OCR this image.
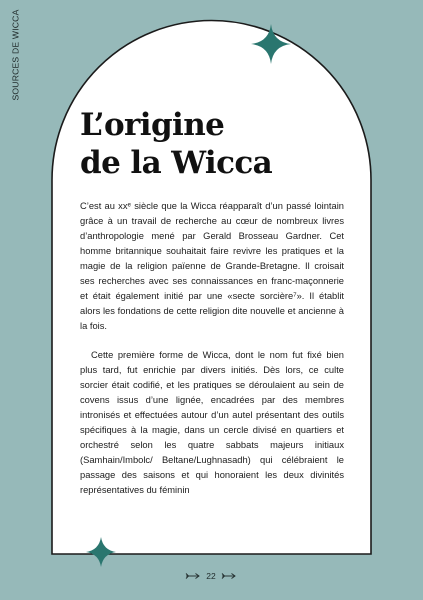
SOURCES DE WICCA
L’origine
de la Wicca

C’est au xxᵉ siècle que la Wicca réapparaît d’un passé lointain grâce à un travail de recherche au cœur de nombreux livres d’anthropologie mené par Gerald Brosseau Gardner. Cet homme britannique souhaitait faire revivre les pratiques et la magie de la religion païenne de Grande-Bretagne. Il croisait ses recherches avec ses connaissances en franc-maçonnerie et était également initié par une «secte sorcière⁷». Il établit alors les fondations de cette religion dite nouvelle et ancienne à la fois.

Cette première forme de Wicca, dont le nom fut fixé bien plus tard, fut enrichie par divers initiés. Dès lors, ce culte sorcier était codifié, et les pratiques se déroulaient au sein de covens issus d’une lignée, encadrées par des membres intronisés et effectuées autour d’un autel présentant des outils spécifiques à la magie, dans un cercle divisé en quartiers et orchestré selon les quatre sabbats majeurs initiaux (Samhain/Imbolc/ Beltane/Lughnasadh) qui célébraient le passage des saisons et qui honoraient les deux divinités représentatives du féminin

22
